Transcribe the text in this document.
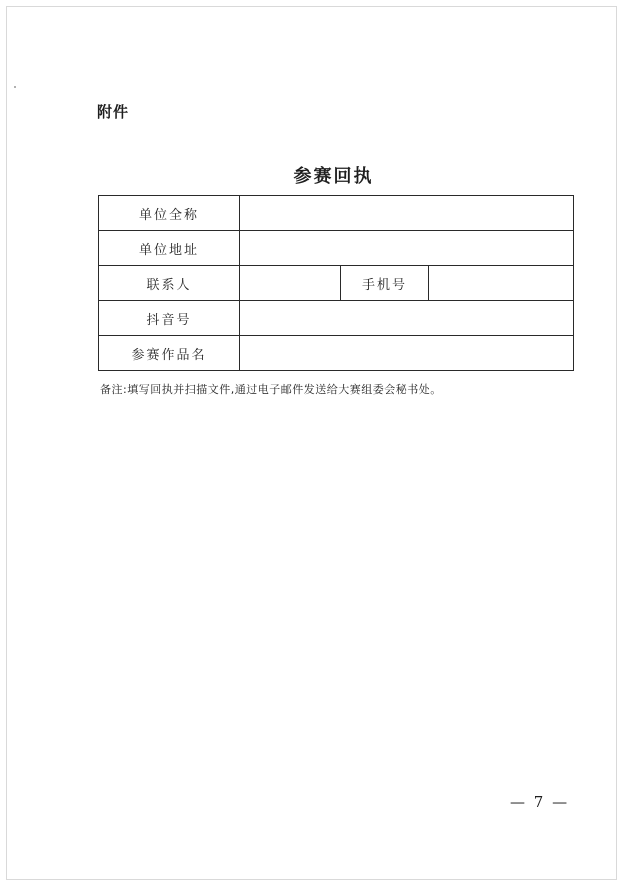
附件
参赛回执
单位全称			
单位地址			
联系人		手机号	
抖音号			
参赛作品名			
备注:填写回执并扫描文件,通过电子邮件发送给大赛组委会秘书处。
— 7 —
